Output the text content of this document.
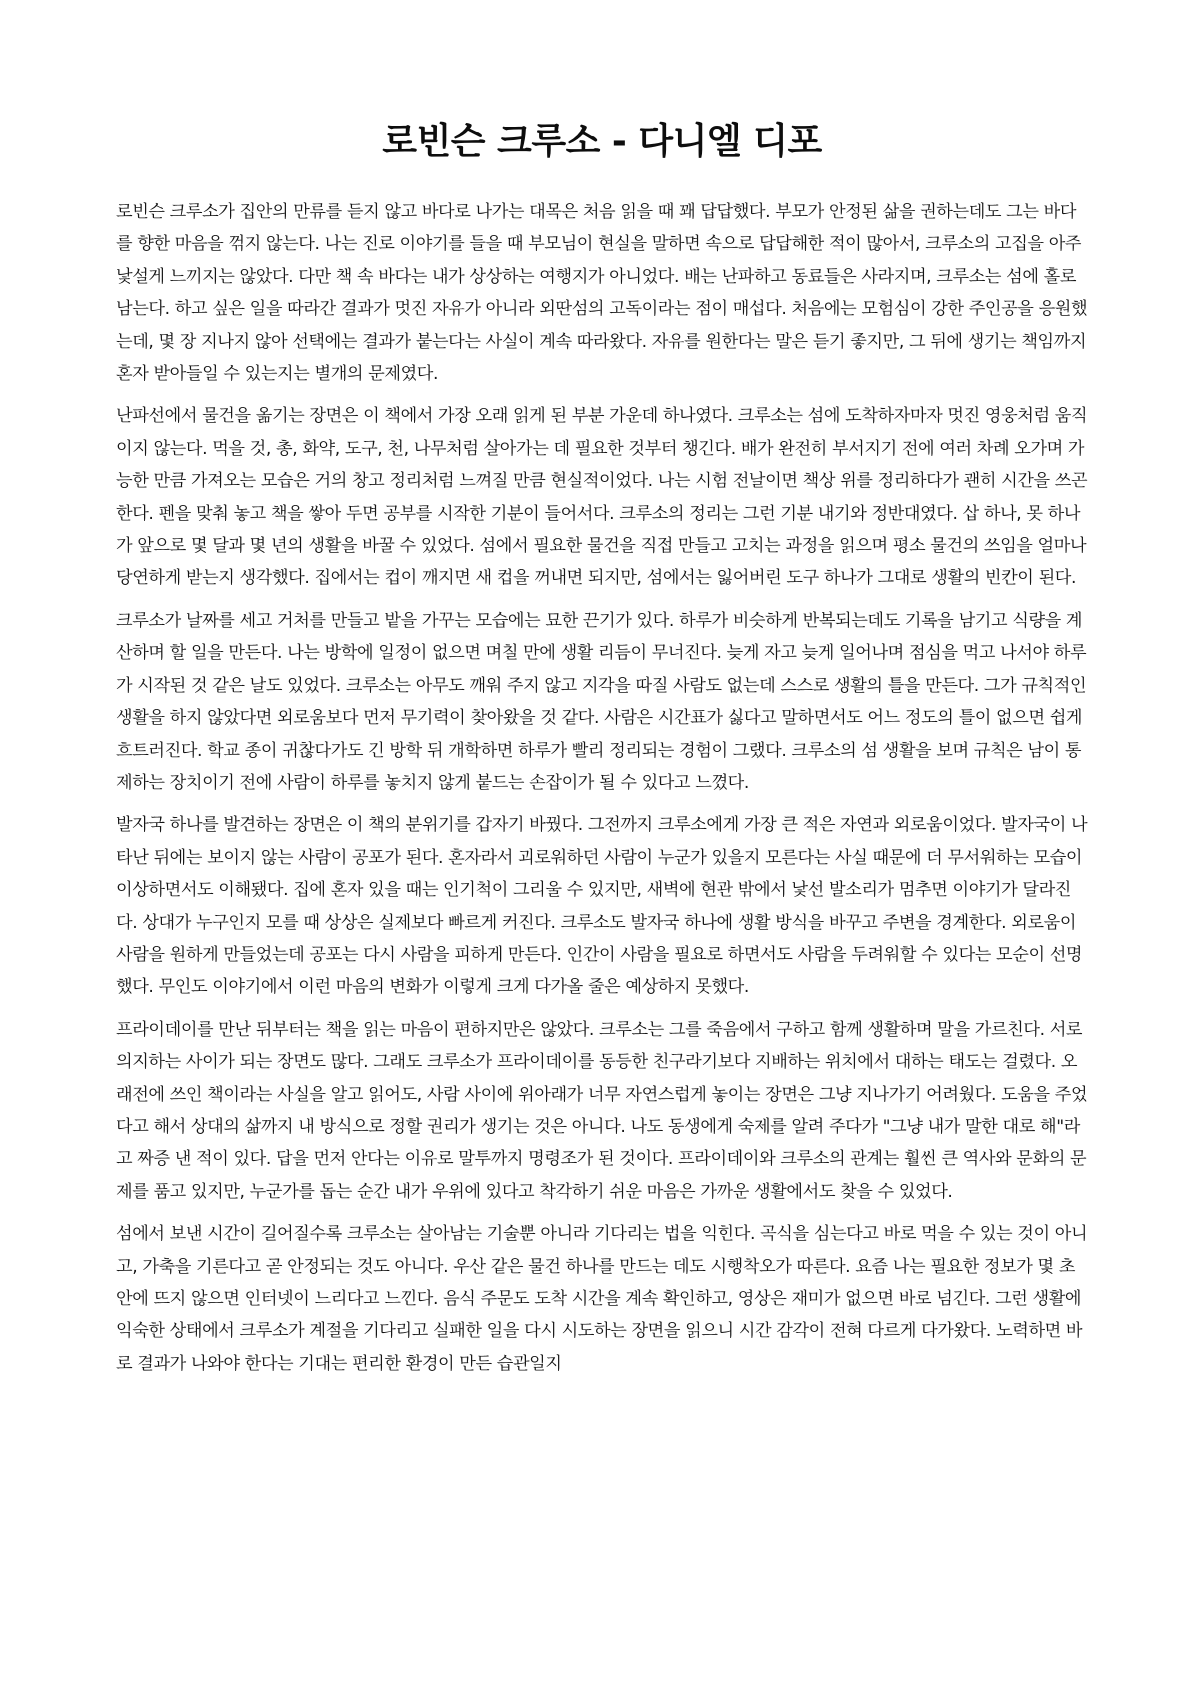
로빈슨 크루소 - 다니엘 디포

로빈슨 크루소가 집안의 만류를 듣지 않고 바다로 나가는 대목은 처음 읽을 때 꽤 답답했다. 부모가 안정된 삶을 권하는데도 그는 바다를 향한 마음을 꺾지 않는다. 나는 진로 이야기를 들을 때 부모님이 현실을 말하면 속으로 답답해한 적이 많아서, 크루소의 고집을 아주 낯설게 느끼지는 않았다. 다만 책 속 바다는 내가 상상하는 여행지가 아니었다. 배는 난파하고 동료들은 사라지며, 크루소는 섬에 홀로 남는다. 하고 싶은 일을 따라간 결과가 멋진 자유가 아니라 외딴섬의 고독이라는 점이 매섭다. 처음에는 모험심이 강한 주인공을 응원했는데, 몇 장 지나지 않아 선택에는 결과가 붙는다는 사실이 계속 따라왔다. 자유를 원한다는 말은 듣기 좋지만, 그 뒤에 생기는 책임까지 혼자 받아들일 수 있는지는 별개의 문제였다.

난파선에서 물건을 옮기는 장면은 이 책에서 가장 오래 읽게 된 부분 가운데 하나였다. 크루소는 섬에 도착하자마자 멋진 영웅처럼 움직이지 않는다. 먹을 것, 총, 화약, 도구, 천, 나무처럼 살아가는 데 필요한 것부터 챙긴다. 배가 완전히 부서지기 전에 여러 차례 오가며 가능한 만큼 가져오는 모습은 거의 창고 정리처럼 느껴질 만큼 현실적이었다. 나는 시험 전날이면 책상 위를 정리하다가 괜히 시간을 쓰곤 한다. 펜을 맞춰 놓고 책을 쌓아 두면 공부를 시작한 기분이 들어서다. 크루소의 정리는 그런 기분 내기와 정반대였다. 삽 하나, 못 하나가 앞으로 몇 달과 몇 년의 생활을 바꿀 수 있었다. 섬에서 필요한 물건을 직접 만들고 고치는 과정을 읽으며 평소 물건의 쓰임을 얼마나 당연하게 받는지 생각했다. 집에서는 컵이 깨지면 새 컵을 꺼내면 되지만, 섬에서는 잃어버린 도구 하나가 그대로 생활의 빈칸이 된다.

크루소가 날짜를 세고 거처를 만들고 밭을 가꾸는 모습에는 묘한 끈기가 있다. 하루가 비슷하게 반복되는데도 기록을 남기고 식량을 계산하며 할 일을 만든다. 나는 방학에 일정이 없으면 며칠 만에 생활 리듬이 무너진다. 늦게 자고 늦게 일어나며 점심을 먹고 나서야 하루가 시작된 것 같은 날도 있었다. 크루소는 아무도 깨워 주지 않고 지각을 따질 사람도 없는데 스스로 생활의 틀을 만든다. 그가 규칙적인 생활을 하지 않았다면 외로움보다 먼저 무기력이 찾아왔을 것 같다. 사람은 시간표가 싫다고 말하면서도 어느 정도의 틀이 없으면 쉽게 흐트러진다. 학교 종이 귀찮다가도 긴 방학 뒤 개학하면 하루가 빨리 정리되는 경험이 그랬다. 크루소의 섬 생활을 보며 규칙은 남이 통제하는 장치이기 전에 사람이 하루를 놓치지 않게 붙드는 손잡이가 될 수 있다고 느꼈다.

발자국 하나를 발견하는 장면은 이 책의 분위기를 갑자기 바꿨다. 그전까지 크루소에게 가장 큰 적은 자연과 외로움이었다. 발자국이 나타난 뒤에는 보이지 않는 사람이 공포가 된다. 혼자라서 괴로워하던 사람이 누군가 있을지 모른다는 사실 때문에 더 무서워하는 모습이 이상하면서도 이해됐다. 집에 혼자 있을 때는 인기척이 그리울 수 있지만, 새벽에 현관 밖에서 낯선 발소리가 멈추면 이야기가 달라진다. 상대가 누구인지 모를 때 상상은 실제보다 빠르게 커진다. 크루소도 발자국 하나에 생활 방식을 바꾸고 주변을 경계한다. 외로움이 사람을 원하게 만들었는데 공포는 다시 사람을 피하게 만든다. 인간이 사람을 필요로 하면서도 사람을 두려워할 수 있다는 모순이 선명했다. 무인도 이야기에서 이런 마음의 변화가 이렇게 크게 다가올 줄은 예상하지 못했다.

프라이데이를 만난 뒤부터는 책을 읽는 마음이 편하지만은 않았다. 크루소는 그를 죽음에서 구하고 함께 생활하며 말을 가르친다. 서로 의지하는 사이가 되는 장면도 많다. 그래도 크루소가 프라이데이를 동등한 친구라기보다 지배하는 위치에서 대하는 태도는 걸렸다. 오래전에 쓰인 책이라는 사실을 알고 읽어도, 사람 사이에 위아래가 너무 자연스럽게 놓이는 장면은 그냥 지나가기 어려웠다. 도움을 주었다고 해서 상대의 삶까지 내 방식으로 정할 권리가 생기는 것은 아니다. 나도 동생에게 숙제를 알려 주다가 "그냥 내가 말한 대로 해"라고 짜증 낸 적이 있다. 답을 먼저 안다는 이유로 말투까지 명령조가 된 것이다. 프라이데이와 크루소의 관계는 훨씬 큰 역사와 문화의 문제를 품고 있지만, 누군가를 돕는 순간 내가 우위에 있다고 착각하기 쉬운 마음은 가까운 생활에서도 찾을 수 있었다.

섬에서 보낸 시간이 길어질수록 크루소는 살아남는 기술뿐 아니라 기다리는 법을 익힌다. 곡식을 심는다고 바로 먹을 수 있는 것이 아니고, 가축을 기른다고 곧 안정되는 것도 아니다. 우산 같은 물건 하나를 만드는 데도 시행착오가 따른다. 요즘 나는 필요한 정보가 몇 초 안에 뜨지 않으면 인터넷이 느리다고 느낀다. 음식 주문도 도착 시간을 계속 확인하고, 영상은 재미가 없으면 바로 넘긴다. 그런 생활에 익숙한 상태에서 크루소가 계절을 기다리고 실패한 일을 다시 시도하는 장면을 읽으니 시간 감각이 전혀 다르게 다가왔다. 노력하면 바로 결과가 나와야 한다는 기대는 편리한 환경이 만든 습관일지
